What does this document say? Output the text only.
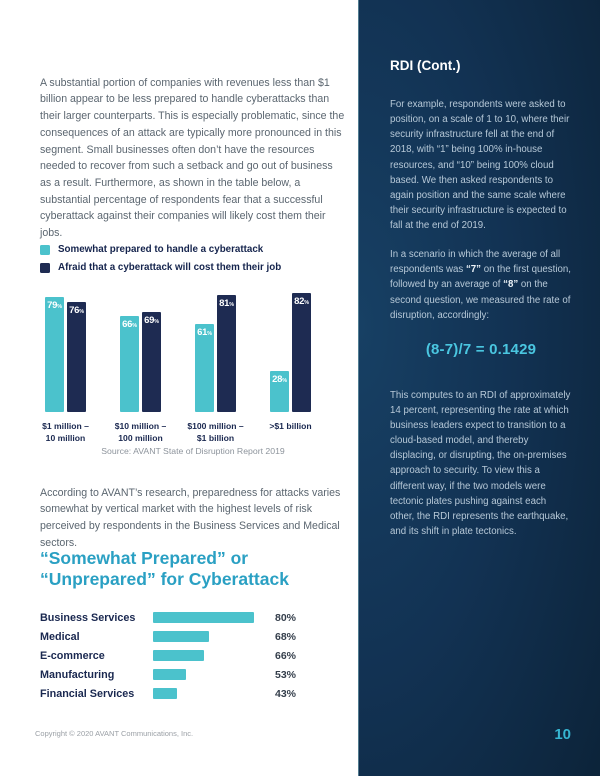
A substantial portion of companies with revenues less than $1 billion appear to be less prepared to handle cyberattacks than their larger counterparts. This is especially problematic, since the consequences of an attack are typically more pronounced in this segment. Small businesses often don’t have the resources needed to recover from such a setback and go out of business as a result. Furthermore, as shown in the table below, a substantial percentage of respondents fear that a successful cyberattack against their companies will likely cost them their jobs.

Somewhat prepared to handle a cyberattack
Afraid that a cyberattack will cost them their job
79% 76%
$1 million –
10 million
66% 69%
$10 million –
100 million
61%
81%
$100 million –
$1 billion
28%
82%
>$1 billion
Source: AVANT State of Disruption Report 2019

According to AVANT’s research, preparedness for attacks varies somewhat by vertical market with the highest levels of risk perceived by respondents in the Business Services and Medical sectors.

“Somewhat Prepared” or
“Unprepared” for Cyberattack
Business Services	80%
Medical	68%
E-commerce	66%
Manufacturing	53%
Financial Services	43%
Copyright © 2020 AVANT Communications, Inc.
RDI (Cont.)

For example, respondents were asked to position, on a scale of 1 to 10, where their security infrastructure fell at the end of 2018, with “1” being 100% in-house resources, and “10” being 100% cloud based. We then asked respondents to again position and the same scale where their security infrastructure is expected to fall at the end of 2019.

In a scenario in which the average of all respondents was “7” on the first question, followed by an average of “8” on the second question, we measured the rate of disruption, accordingly:

(8-7)/7 = 0.1429

This computes to an RDI of approximately 14 percent, representing the rate at which business leaders expect to transition to a cloud-based model, and thereby displacing, or disrupting, the on-premises approach to security. To view this a different way, if the two models were tectonic plates pushing against each other, the RDI represents the earthquake, and its shift in plate tectonics.

10
